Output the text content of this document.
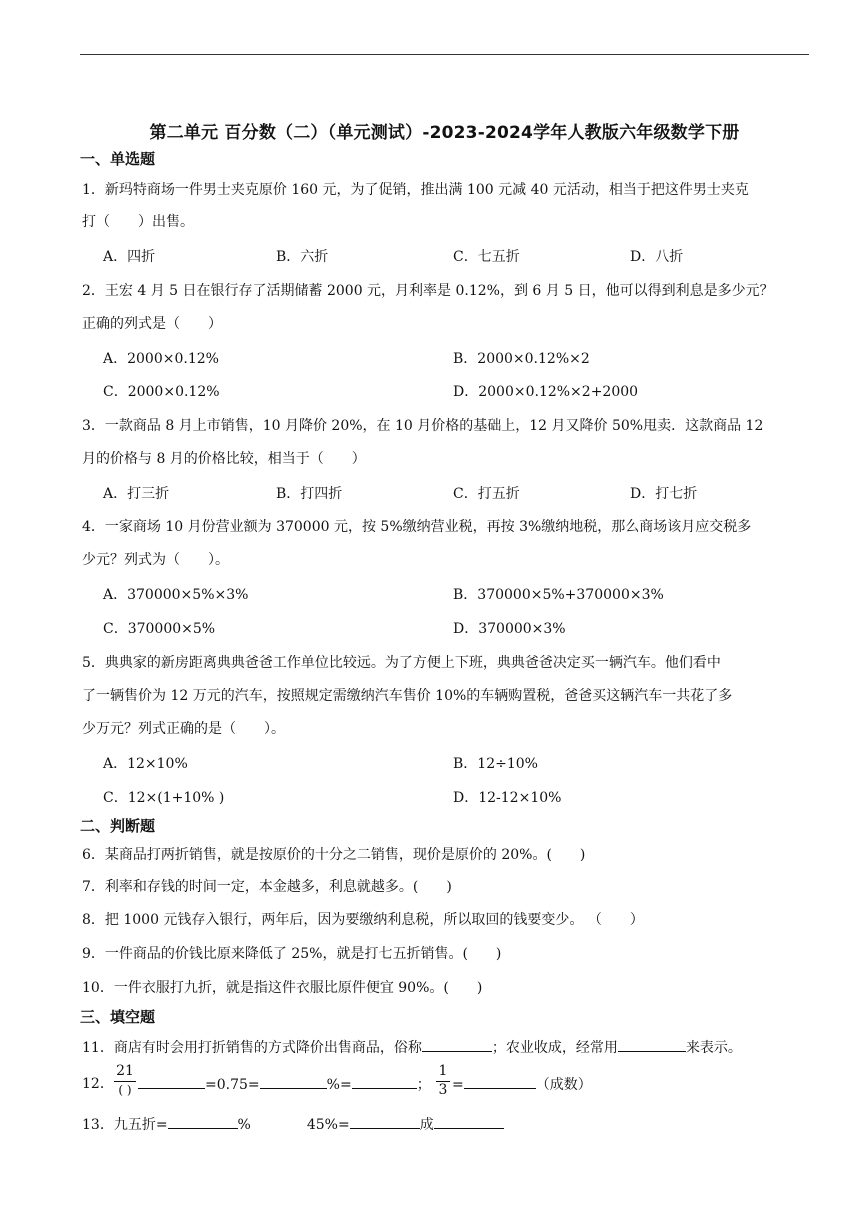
第二单元 百分数（二）（单元测试）-2023-2024学年人教版六年级数学下册
一、单选题
1．新玛特商场一件男士夹克原价 160 元，为了促销，推出满 100 元减 40 元活动，相当于把这件男士夹克
打（　　）出售。
A．四折	B．六折	C．七五折	D．八折
2．王宏 4 月 5 日在银行存了活期储蓄 2000 元，月利率是 0.12%，到 6 月 5 日，他可以得到利息是多少元？
正确的列式是（　　）
A．2000×0.12%	B．2000×0.12%×2
C．2000×0.12%	D．2000×0.12%×2+2000
3．一款商品 8 月上市销售，10 月降价 20%，在 10 月价格的基础上，12 月又降价 50%甩卖．这款商品 12
月的价格与 8 月的价格比较，相当于（　　）
A．打三折	B．打四折	C．打五折	D．打七折
4．一家商场 10 月份营业额为 370000 元，按 5%缴纳营业税，再按 3%缴纳地税，那么商场该月应交税多
少元？列式为（　　）。
A．370000×5%×3%	B．370000×5%+370000×3%
C．370000×5%	D．370000×3%
5．典典家的新房距离典典爸爸工作单位比较远。为了方便上下班，典典爸爸决定买一辆汽车。他们看中
了一辆售价为 12 万元的汽车，按照规定需缴纳汽车售价 10%的车辆购置税，爸爸买这辆汽车一共花了多
少万元？列式正确的是（　　）。
A．12×10%	B．12÷10%
C．12×(1+10% )	D．12-12×10%
二、判断题
6．某商品打两折销售，就是按原价的十分之二销售，现价是原价的 20%。(　　)
7．利率和存钱的时间一定，本金越多，利息就越多。(　　)
8．把 1000 元钱存入银行，两年后，因为要缴纳利息税，所以取回的钱要变少。 （　　）
9．一件商品的价钱比原来降低了 25%，就是打七五折销售。(　　)
10．一件衣服打九折，就是指这件衣服比原件便宜 90%。(　　)
三、填空题
11．商店有时会用打折销售的方式降价出售商品，俗称	；农业收成，经常用	来表示。
12．
21
( )	=0.75=	%=	； $\frac{1}{3}$ =	（成数）
13．九五折=	%	45%=	成
